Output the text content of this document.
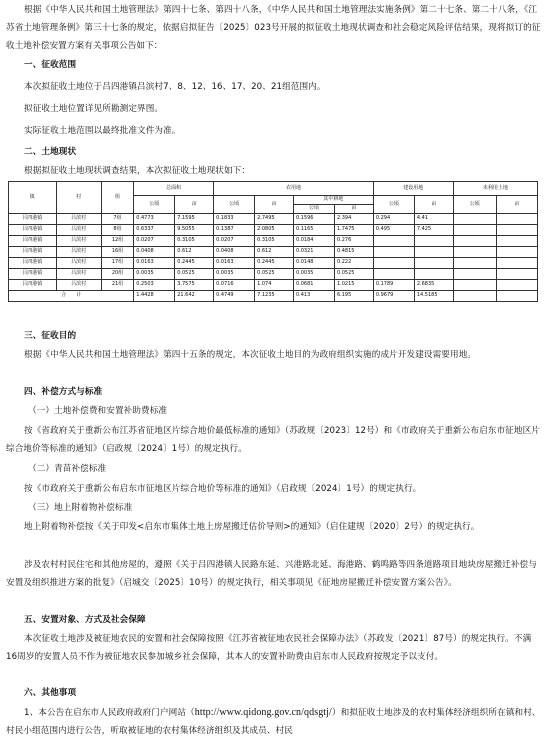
根据《中华人民共和国土地管理法》第四十七条、第四十八条，《中华人民共和国土地管理法实施条例》第二十七条、第二十八条，《江苏省土地管理条例》第三十七条的规定，依据启拟征告〔2025〕023号开展的拟征收土地现状调查和社会稳定风险评估结果，现将拟订的征收土地补偿安置方案有关事项公告如下：
一、征收范围
本次拟征收土地位于吕四港镇吕滨村7、8、12、16、17、20、21组范围内。
拟征收土地位置详见所勘测定界图。
实际征收土地范围以最终批准文件为准。
二、土地现状
根据拟征收土地现状调查结果，本次拟征收土地现状如下：
镇	村	组	总面积		农用地				建设用地		未利用土地	
			公顷	亩	公顷	亩	其中耕地		公顷	亩	公顷	亩
							公顷	亩				
吕四港镇	吕滨村	7组	0.4773	7.1595	0.1833	2.7495	0.1596	2.394	0.294	4.41		
吕四港镇	吕滨村	8组	0.6337	9.5055	0.1387	2.0805	0.1165	1.7475	0.495	7.425		
吕四港镇	吕滨村	12组	0.0207	0.3105	0.0207	0.3105	0.0184	0.276				
吕四港镇	吕滨村	16组	0.0408	0.612	0.0408	0.612	0.0321	0.4815				
吕四港镇	吕滨村	17组	0.0163	0.2445	0.0163	0.2445	0.0148	0.222				
吕四港镇	吕滨村	20组	0.0035	0.0525	0.0035	0.0525	0.0035	0.0525				
吕四港镇	吕滨村	21组	0.2503	3.7575	0.0716	1.074	0.0681	1.0215	0.1789	2.6835		
合　　计			1.4428	21.642	0.4749	7.1235	0.413	6.195	0.9679	14.5185		
三、征收目的
根据《中华人民共和国土地管理法》第四十五条的规定，本次征收土地目的为政府组织实施的成片开发建设需要用地。
四、补偿方式与标准
（一）土地补偿费和安置补助费标准
按《省政府关于重新公布江苏省征地区片综合地价最低标准的通知》（苏政规〔2023〕12号）和《市政府关于重新公布启东市征地区片综合地价等标准的通知》（启政规〔2024〕1号）的规定执行。
（二）青苗补偿标准
按《市政府关于重新公布启东市征地区片综合地价等标准的通知》（启政规〔2024〕1号）的规定执行。
（三）地上附着物补偿标准
地上附着物补偿按《关于印发<启东市集体土地上房屋搬迁估价导则>的通知》（启住建规〔2020〕2号）的规定执行。
涉及农村村民住宅和其他房屋的，遵照《关于吕四港镇人民路东延、兴港路北延、海港路、鹤鸣路等四条道路项目地块房屋搬迁补偿与安置及组织推进方案的批复》（启城交〔2025〕10号）的规定执行，相关事项见《征地房屋搬迁补偿安置方案公告》。
五、安置对象、方式及社会保障
本次征收土地涉及被征地农民的安置和社会保障按照《江苏省被征地农民社会保障办法》（苏政发〔2021〕87号）的规定执行。不满16周岁的安置人员不作为被征地农民参加城乡社会保障，其本人的安置补助费由启东市人民政府按规定予以支付。
六、其他事项
1、本公告在启东市人民政府政府门户网站（http://www.qidong.gov.cn/qdsgtj/）和拟征收土地涉及的农村集体经济组织所在镇和村、村民小组范围内进行公告，听取被征地的农村集体经济组织及其成员、村民
